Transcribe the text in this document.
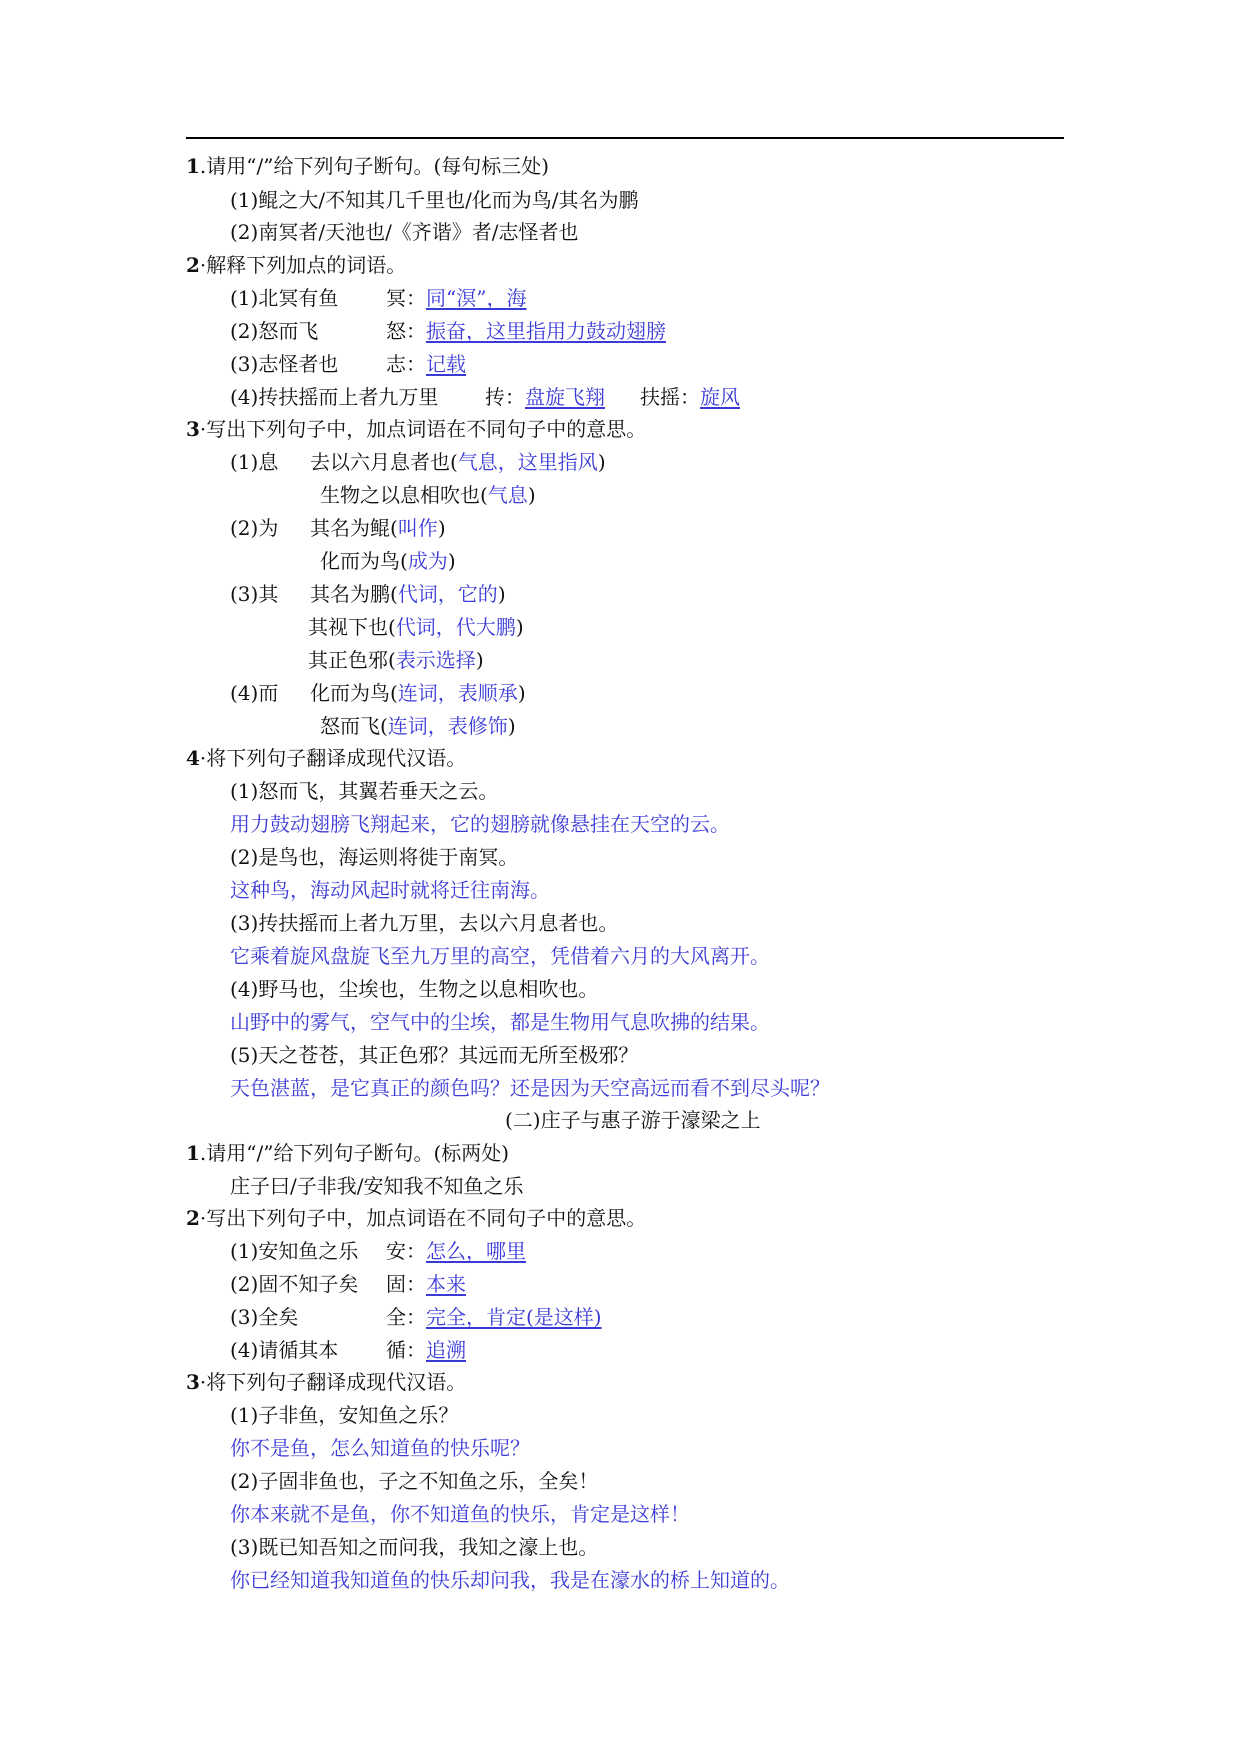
1.请用“/”给下列句子断句。(每句标三处)
(1)鲲之大/不知其几千里也/化而为鸟/其名为鹏
(2)南冥者/天池也/《齐谐》者/志怪者也
2·解释下列加点的词语。
(1)北冥有鱼 冥：同“溟”，海
(2)怒而飞	怒：振奋，这里指用力鼓动翅膀
(3)志怪者也 志：记载
(4)抟扶摇而上者九万里 抟：盘旋飞翔 扶摇：旋风
3·写出下列句子中，加点词语在不同句子中的意思。
(1)息 去以六月息者也(气息，这里指风)
生物之以息相吹也(气息)
(2)为 其名为鲲(叫作)
化而为鸟(成为)
(3)其 其名为鹏(代词，它的)
其视下也(代词，代大鹏)
其正色邪(表示选择)
(4)而 化而为鸟(连词，表顺承)
怒而飞(连词，表修饰)
4·将下列句子翻译成现代汉语。
(1)怒而飞，其翼若垂天之云。
用力鼓动翅膀飞翔起来，它的翅膀就像悬挂在天空的云。
(2)是鸟也，海运则将徙于南冥。
这种鸟，海动风起时就将迁往南海。
(3)抟扶摇而上者九万里，去以六月息者也。
它乘着旋风盘旋飞至九万里的高空，凭借着六月的大风离开。
(4)野马也，尘埃也，生物之以息相吹也。
山野中的雾气，空气中的尘埃，都是生物用气息吹拂的结果。
(5)天之苍苍，其正色邪？其远而无所至极邪？
天色湛蓝，是它真正的颜色吗？还是因为天空高远而看不到尽头呢？
(二)庄子与惠子游于濠梁之上
1.请用“/”给下列句子断句。(标两处)
庄子曰/子非我/安知我不知鱼之乐
2·写出下列句子中，加点词语在不同句子中的意思。
(1)安知鱼之乐 安：怎么，哪里
(2)固不知子矣 固：本来
(3)全矣	全：完全，肯定(是这样)
(4)请循其本 循：追溯
3·将下列句子翻译成现代汉语。
(1)子非鱼，安知鱼之乐？
你不是鱼，怎么知道鱼的快乐呢？
(2)子固非鱼也，子之不知鱼之乐，全矣！
你本来就不是鱼，你不知道鱼的快乐，肯定是这样！
(3)既已知吾知之而问我，我知之濠上也。
你已经知道我知道鱼的快乐却问我，我是在濠水的桥上知道的。
